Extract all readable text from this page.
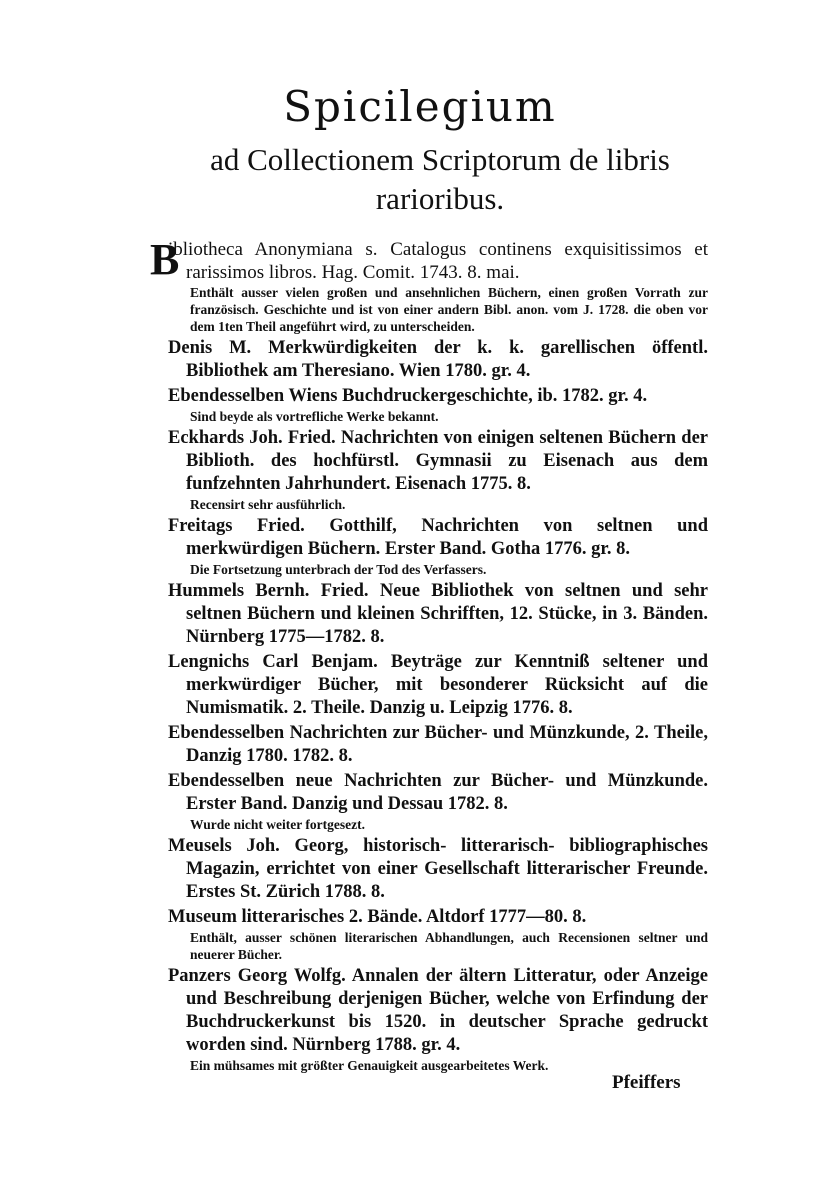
Spicilegium
ad Collectionem Scriptorum de libris rarioribus.
B
ibliotheca Anonymiana s. Catalogus continens exquisitissimos et rarissimos libros. Hag. Comit. 1743. 8. mai.
Enthält ausser vielen großen und ansehnlichen Büchern, einen großen Vorrath zur französisch. Geschichte und ist von einer andern Bibl. anon. vom J. 1728. die oben vor dem 1ten Theil angeführt wird, zu unterscheiden.
Denis M. Merkwürdigkeiten der k. k. garellischen öffentl. Bibliothek am Theresiano. Wien 1780. gr. 4.
Ebendesselben Wiens Buchdruckergeschichte, ib. 1782. gr. 4.
Sind beyde als vortrefliche Werke bekannt.
Eckhards Joh. Fried. Nachrichten von einigen seltenen Büchern der Biblioth. des hochfürstl. Gymnasii zu Eisenach aus dem funfzehnten Jahrhundert. Eisenach 1775. 8.
Recensirt sehr ausführlich.
Freitags Fried. Gotthilf, Nachrichten von seltnen und merkwürdigen Büchern. Erster Band. Gotha 1776. gr. 8.
Die Fortsetzung unterbrach der Tod des Verfassers.
Hummels Bernh. Fried. Neue Bibliothek von seltnen und sehr seltnen Büchern und kleinen Schrifften, 12. Stücke, in 3. Bänden. Nürnberg 1775—1782. 8.
Lengnichs Carl Benjam. Beyträge zur Kenntniß seltener und merkwürdiger Bücher, mit besonderer Rücksicht auf die Numismatik. 2. Theile. Danzig u. Leipzig 1776. 8.
Ebendesselben Nachrichten zur Bücher- und Münzkunde, 2. Theile, Danzig 1780. 1782. 8.
Ebendesselben neue Nachrichten zur Bücher- und Münzkunde. Erster Band. Danzig und Dessau 1782. 8.
Wurde nicht weiter fortgesezt.
Meusels Joh. Georg, historisch- litterarisch- bibliographisches Magazin, errichtet von einer Gesellschaft litterarischer Freunde. Erstes St. Zürich 1788. 8.
Museum litterarisches 2. Bände. Altdorf 1777—80. 8.
Enthält, ausser schönen literarischen Abhandlungen, auch Recensionen seltner und neuerer Bücher.
Panzers Georg Wolfg. Annalen der ältern Litteratur, oder Anzeige und Beschreibung derjenigen Bücher, welche von Erfindung der Buchdruckerkunst bis 1520. in deutscher Sprache gedruckt worden sind. Nürnberg 1788. gr. 4.
Ein mühsames mit größter Genauigkeit ausgearbeitetes Werk.
Pfeiffers
